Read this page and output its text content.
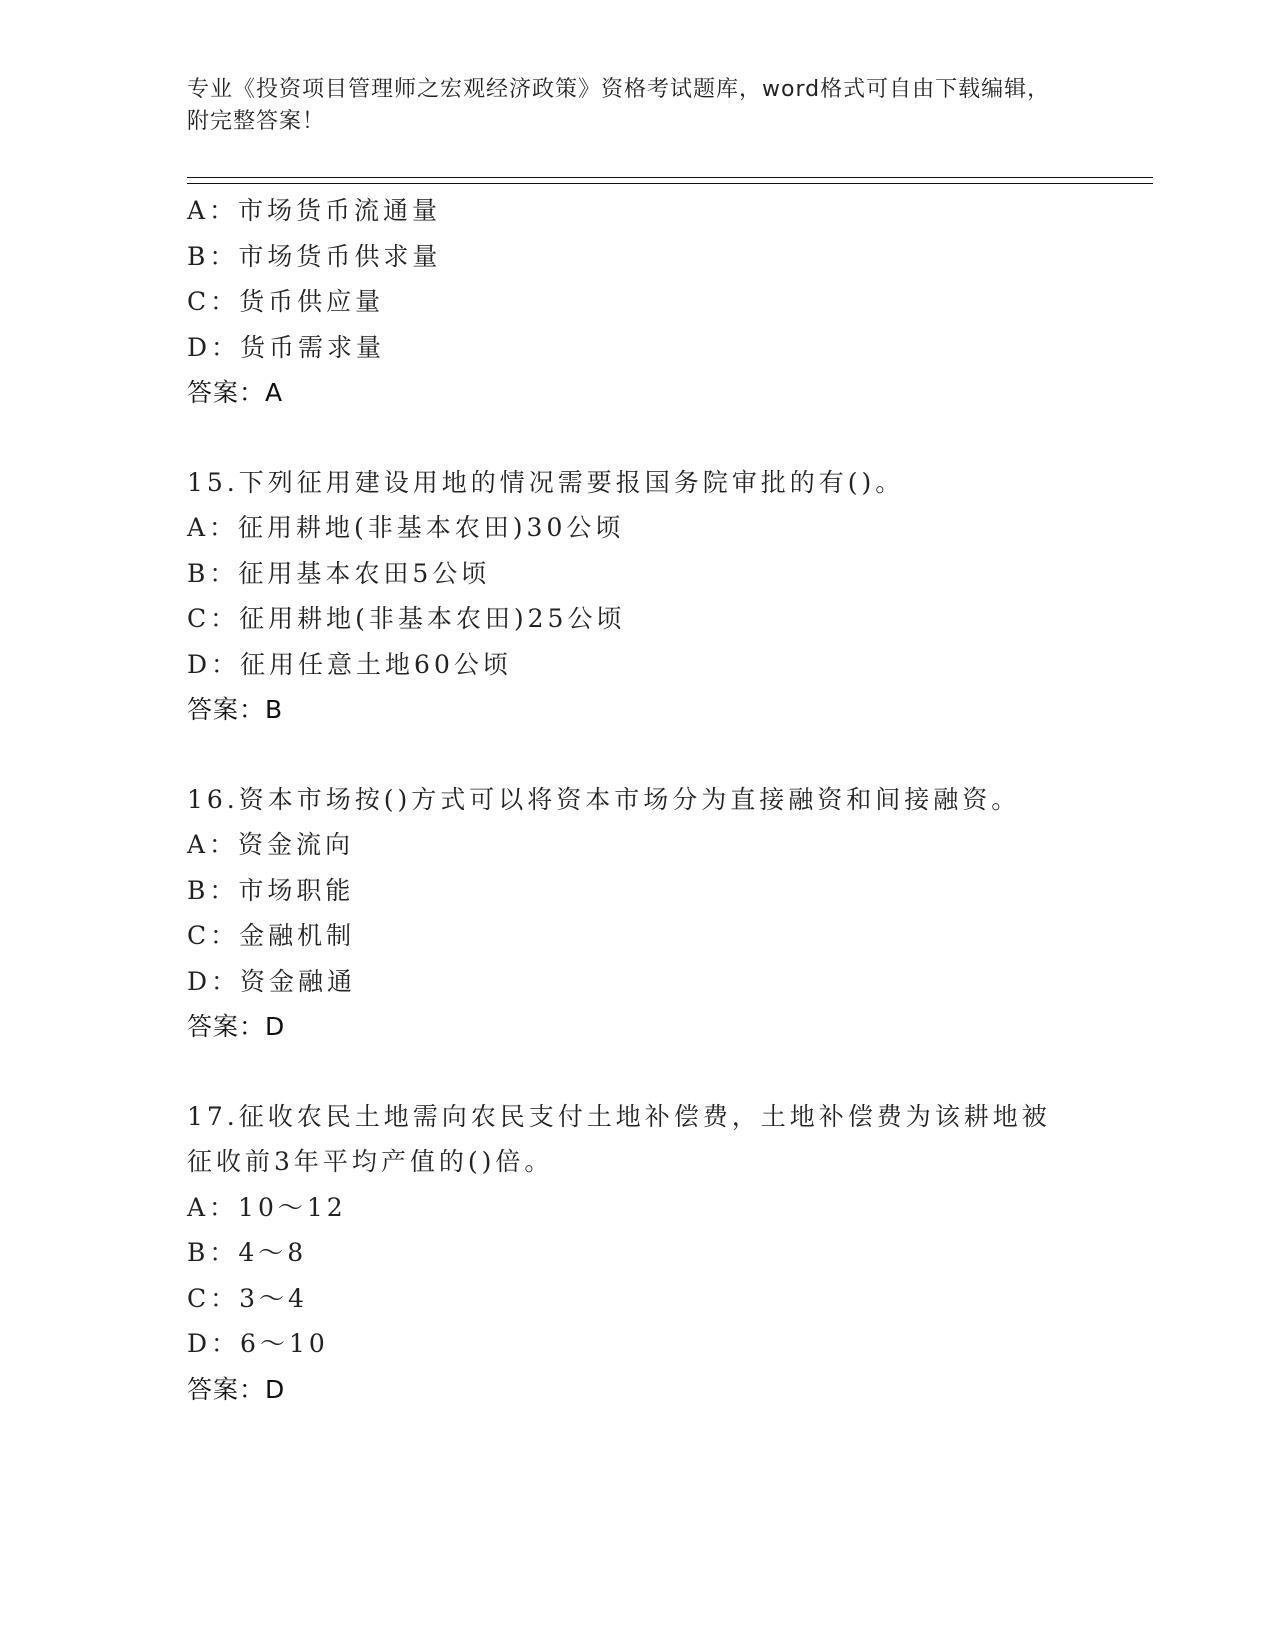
专业《投资项目管理师之宏观经济政策》资格考试题库，word格式可自由下载编辑，附完整答案！
A：市场货币流通量
B：市场货币供求量
C：货币供应量
D：货币需求量
答案：A
15.下列征用建设用地的情况需要报国务院审批的有()。
A：征用耕地(非基本农田)30公顷
B：征用基本农田5公顷
C：征用耕地(非基本农田)25公顷
D：征用任意土地60公顷
答案：B
16.资本市场按()方式可以将资本市场分为直接融资和间接融资。
A：资金流向
B：市场职能
C：金融机制
D：资金融通
答案：D
17.征收农民土地需向农民支付土地补偿费，土地补偿费为该耕地被征收前3年平均产值的()倍。
A：10～12
B：4～8
C：3～4
D：6～10
答案：D
